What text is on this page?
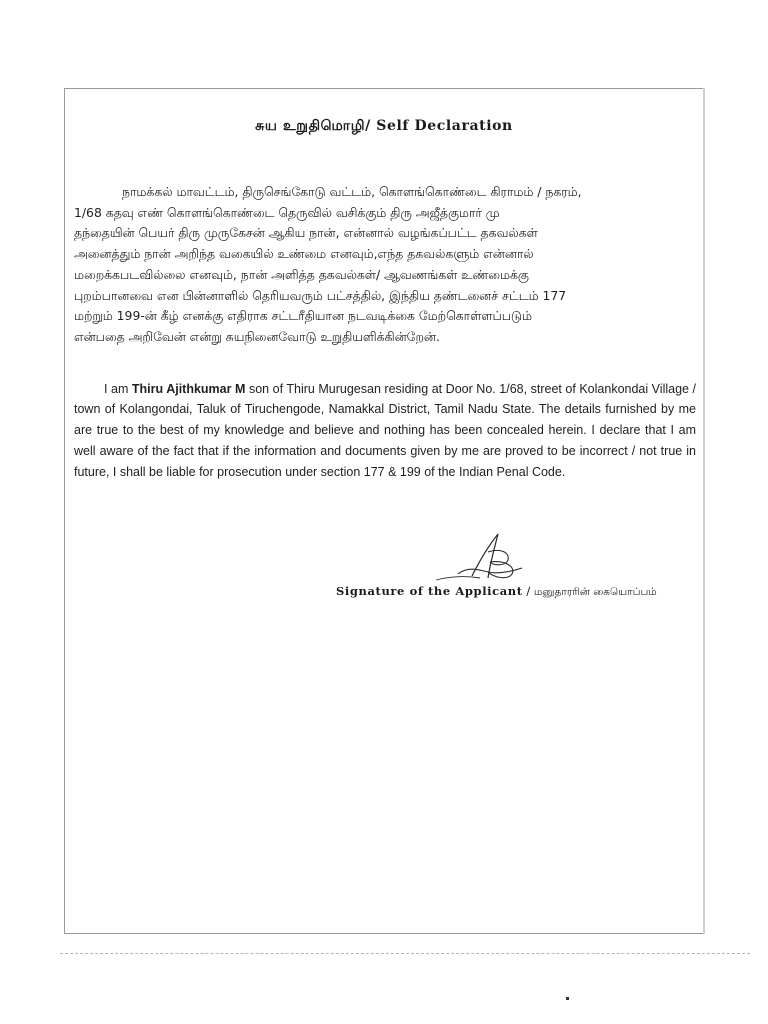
சுய உறுதிமொழி/ Self Declaration
நாமக்கல் மாவட்டம், திருசெங்கோடு வட்டம், கொளங்கொண்டை கிராமம் / நகரம்,
1/68 கதவு எண் கொளங்கொண்டை தெருவில் வசிக்கும் திரு அஜீத்குமார் மு
தந்தையின் பெயர் திரு முருகேசன் ஆகிய நான், என்னால் வழங்கப்பட்ட தகவல்கள்
அனைத்தும் நான் அறிந்த வகையில் உண்மை எனவும்,எந்த தகவல்களும் என்னால்
மறைக்கபடவில்லை எனவும், நான் அளித்த தகவல்கள்/ ஆவணங்கள் உண்மைக்கு
புறம்பானவை என பின்னாளில் தெரியவரும் பட்சத்தில், இந்திய தண்டனைச் சட்டம் 177
மற்றும் 199-ன் கீழ் எனக்கு எதிராக சட்டரீதியான நடவடிக்கை மேற்கொள்ளப்படும்
என்பதை அறிவேன் என்று சுயநினைவோடு உறுதியளிக்கின்றேன்.

I am Thiru Ajithkumar M son of Thiru Murugesan residing at Door No. 1/68, street of Kolankondai Village / town of Kolangondai, Taluk of Tiruchengode, Namakkal District, Tamil Nadu State. The details furnished by me are true to the best of my knowledge and believe and nothing has been concealed herein. I declare that I am well aware of the fact that if the information and documents given by me are proved to be incorrect / not true in future, I shall be liable for prosecution under section 177 & 199 of the Indian Penal Code.

Signature of the Applicant / மனுதாரரின் கையொப்பம்
